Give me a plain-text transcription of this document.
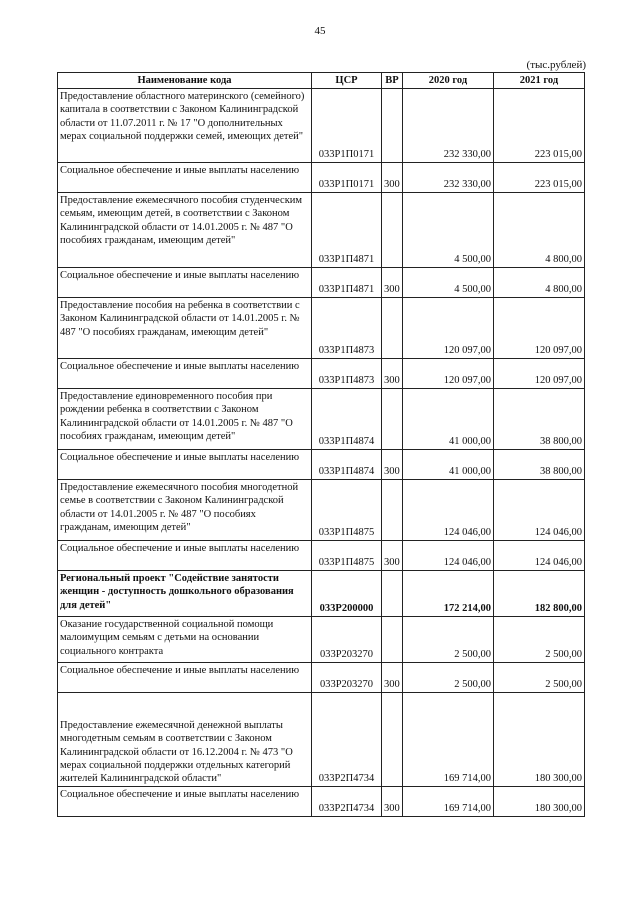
45
(тыс.рублей)
Наименование кода	ЦСР	ВР	2020 год	2021 год
Предоставление областного материнского (семейного) капитала в соответствии с Законом Калининградской области от 11.07.2011 г. № 17 "О дополнительных мерах социальной поддержки семей, имеющих детей"	033Р1П0171		232 330,00	223 015,00
Социальное обеспечение и иные выплаты населению	033Р1П0171	300	232 330,00	223 015,00
Предоставление ежемесячного пособия студенческим семьям, имеющим детей, в соответствии с Законом Калининградской области от 14.01.2005 г. № 487 "О пособиях гражданам, имеющим детей"	033Р1П4871		4 500,00	4 800,00
Социальное обеспечение и иные выплаты населению	033Р1П4871	300	4 500,00	4 800,00
Предоставление пособия на ребенка в соответствии с Законом Калининградской области от 14.01.2005 г. № 487 "О пособиях гражданам, имеющим детей"	033Р1П4873		120 097,00	120 097,00
Социальное обеспечение и иные выплаты населению	033Р1П4873	300	120 097,00	120 097,00
Предоставление единовременного пособия при рождении ребенка в соответствии с Законом Калининградской области от 14.01.2005 г. № 487 "О пособиях гражданам, имеющим детей"	033Р1П4874		41 000,00	38 800,00
Социальное обеспечение и иные выплаты населению	033Р1П4874	300	41 000,00	38 800,00
Предоставление ежемесячного пособия многодетной семье в соответствии с Законом Калининградской области от 14.01.2005 г. № 487 "О пособиях гражданам, имеющим детей"	033Р1П4875		124 046,00	124 046,00
Социальное обеспечение и иные выплаты населению	033Р1П4875	300	124 046,00	124 046,00
Региональный проект "Содействие занятости женщин - доступность дошкольного образования для детей"	033Р200000		172 214,00	182 800,00
Оказание государственной социальной помощи малоимущим семьям с детьми на основании социального контракта	033Р203270		2 500,00	2 500,00
Социальное обеспечение и иные выплаты населению	033Р203270	300	2 500,00	2 500,00
Предоставление ежемесячной денежной выплаты многодетным семьям в соответствии с Законом Калининградской области от 16.12.2004 г. № 473 "О мерах социальной поддержки отдельных категорий жителей Калининградской области"	033Р2П4734		169 714,00	180 300,00
Социальное обеспечение и иные выплаты населению	033Р2П4734	300	169 714,00	180 300,00
